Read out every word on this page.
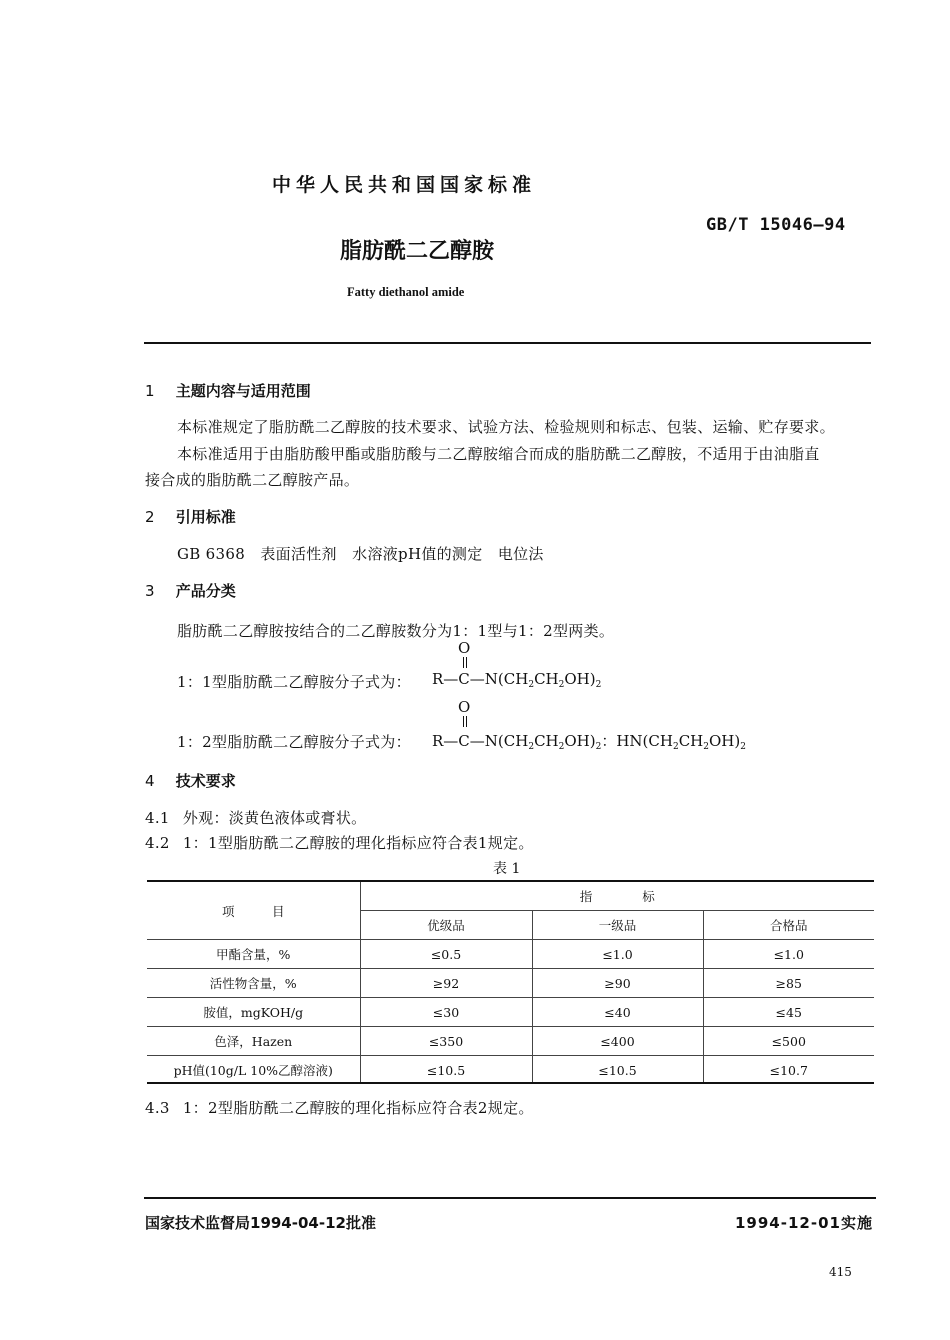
中华人民共和国国家标准
GB/T 15046—94
脂肪酰二乙醇胺
Fatty diethanol amide
1 主题内容与适用范围
本标准规定了脂肪酰二乙醇胺的技术要求、试验方法、检验规则和标志、包装、运输、贮存要求。
本标准适用于由脂肪酸甲酯或脂肪酸与二乙醇胺缩合而成的脂肪酰二乙醇胺，不适用于由油脂直
接合成的脂肪酰二乙醇胺产品。
2 引用标准
GB 6368　表面活性剂　水溶液pH值的测定　电位法
3 产品分类
脂肪酰二乙醇胺按结合的二乙醇胺数分为1：1型与1：2型两类。
O
1：1型脂肪酰二乙醇胺分子式为： $R—C—N(CH_2CH_2OH)_2$
O
1：2型脂肪酰二乙醇胺分子式为： $R—C—N(CH_2CH_2OH)_2$：$HN(CH_2CH_2OH)_2$
4 技术要求
4.1 外观：淡黄色液体或膏状。
4.2 1：1型脂肪酰二乙醇胺的理化指标应符合表1规定。
表 1
项　　　目	指　　　　标		
	优级品	一级品	合格品
甲酯含量，%	≤0.5	≤1.0	≤1.0
活性物含量，%	≥92	≥90	≥85
胺值，mgKOH/g	≤30	≤40	≤45
色泽，Hazen	≤350	≤400	≤500
pH值(10g/L 10%乙醇溶液)	≤10.5	≤10.5	≤10.7
4.3 1：2型脂肪酰二乙醇胺的理化指标应符合表2规定。
国家技术监督局1994-04-12批准	1994-12-01实施
415
